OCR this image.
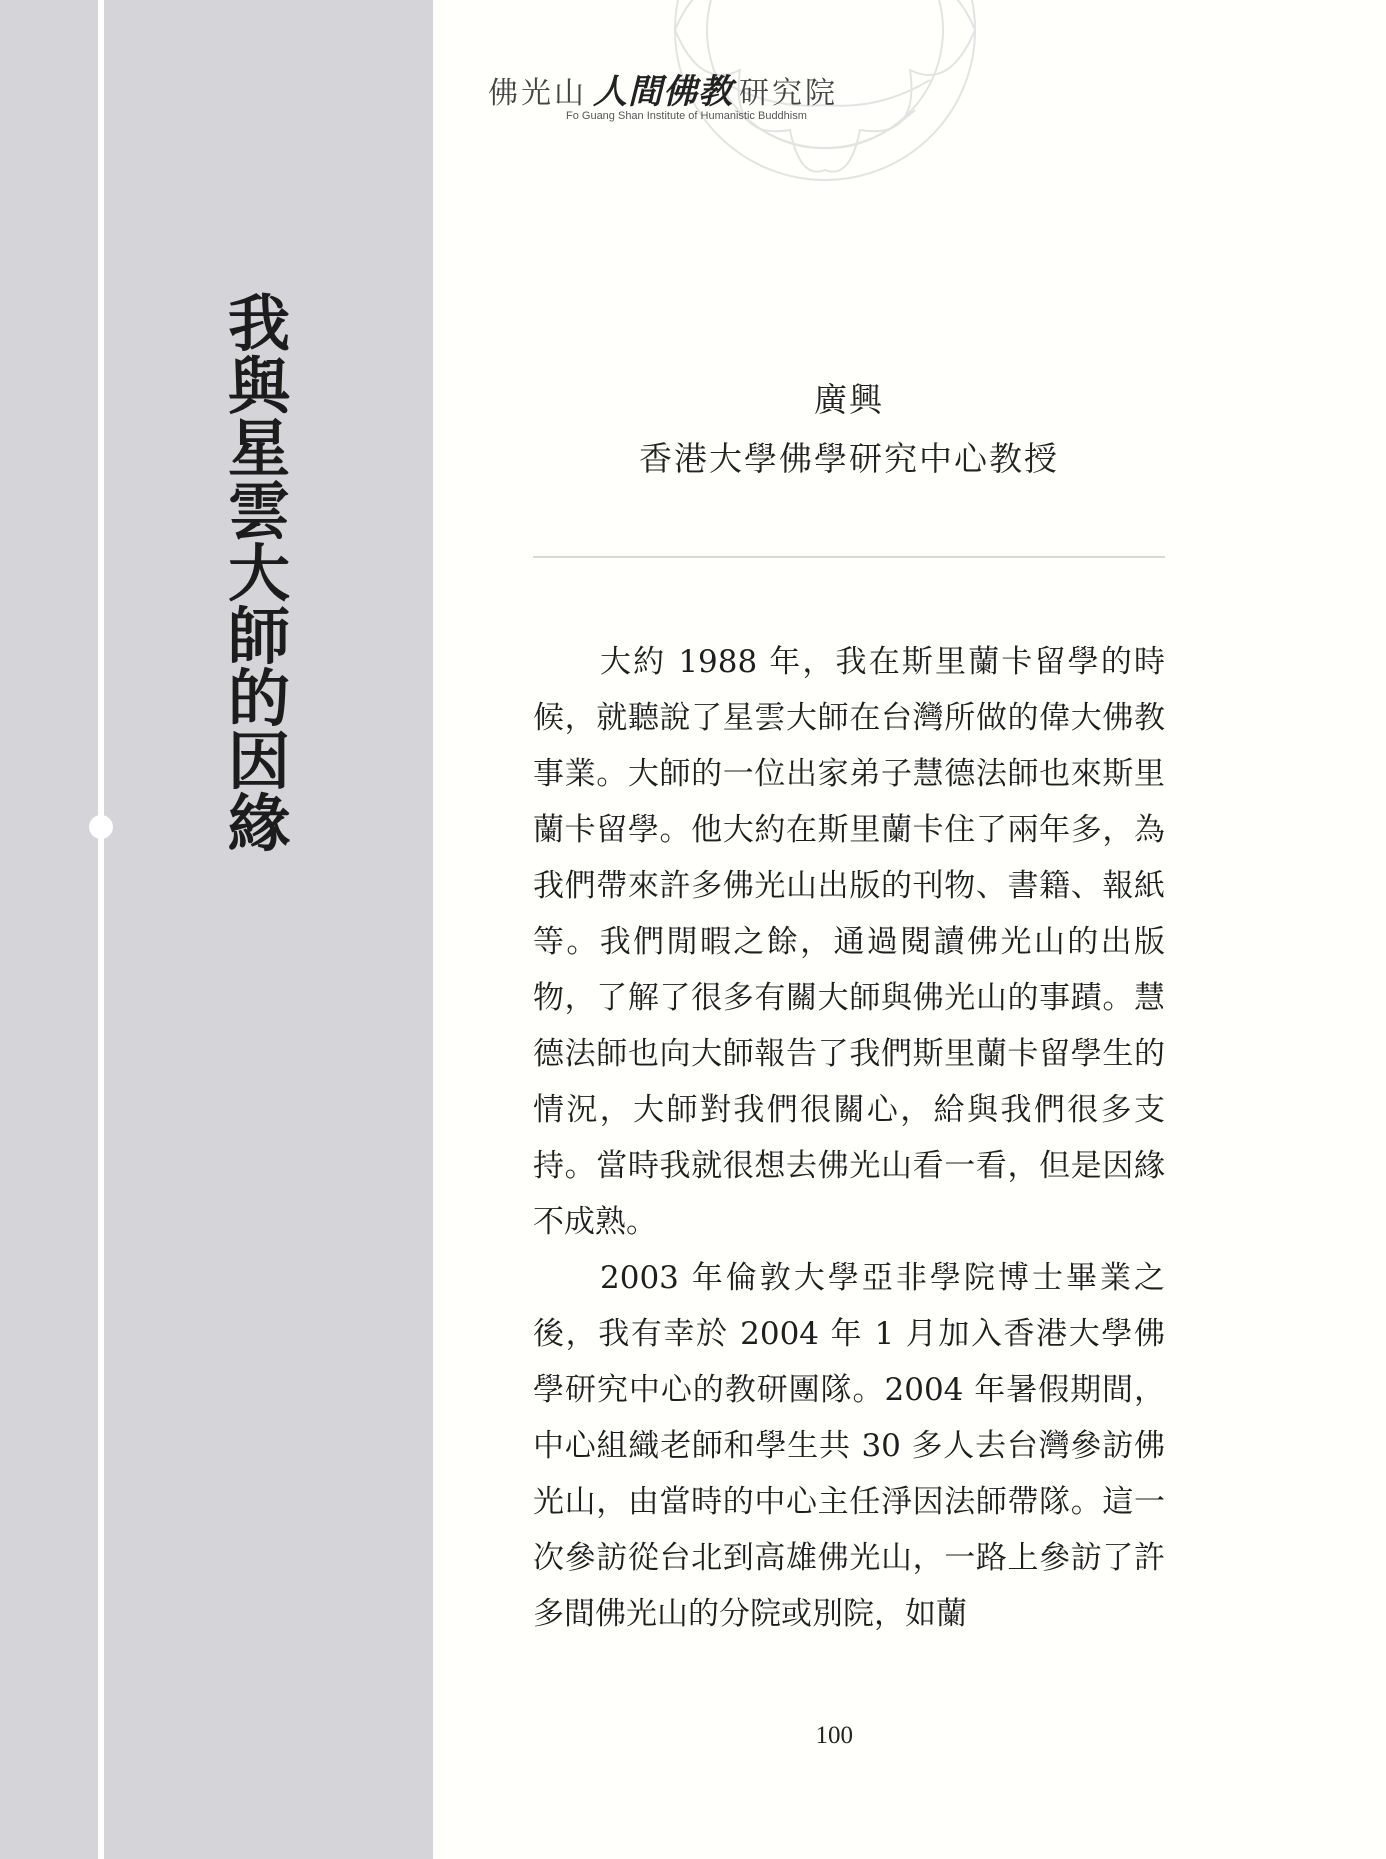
我
與
星
雲
大
師
的
因
緣
佛光山 人間佛教 研究院
Fo Guang Shan Institute of Humanistic Buddhism
廣興
香港大學佛學研究中心教授

大約 1988 年，我在斯里蘭卡留學的時候，就聽說了星雲大師在台灣所做的偉大佛教事業。大師的一位出家弟子慧德法師也來斯里蘭卡留學。他大約在斯里蘭卡住了兩年多，為我們帶來許多佛光山出版的刊物、書籍、報紙等。我們閒暇之餘，通過閱讀佛光山的出版物，了解了很多有關大師與佛光山的事蹟。慧德法師也向大師報告了我們斯里蘭卡留學生的情況，大師對我們很關心，給與我們很多支持。當時我就很想去佛光山看一看，但是因緣不成熟。

2003 年倫敦大學亞非學院博士畢業之後，我有幸於 2004 年 1 月加入香港大學佛學研究中心的教研團隊。2004 年暑假期間，中心組織老師和學生共 30 多人去台灣參訪佛光山，由當時的中心主任淨因法師帶隊。這一次參訪從台北到高雄佛光山，一路上參訪了許多間佛光山的分院或別院，如蘭

100
